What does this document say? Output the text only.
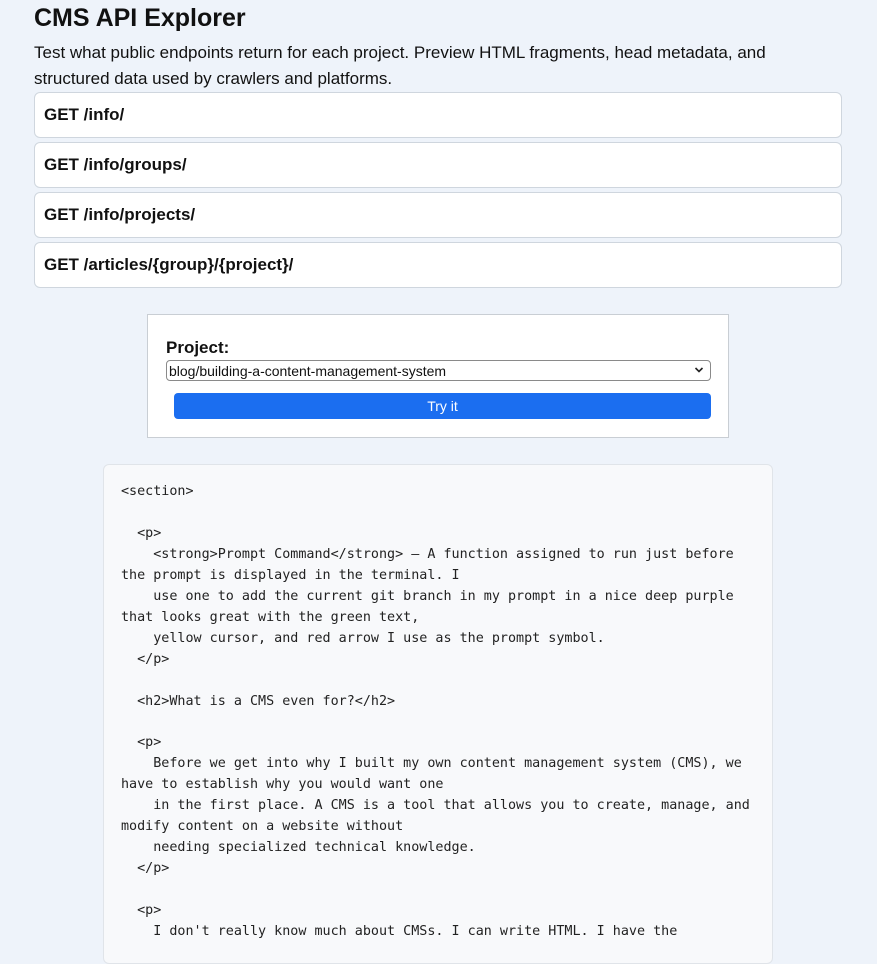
CMS API Explorer

Test what public endpoints return for each project. Preview HTML fragments, head metadata, and structured data used by crawlers and platforms.

GET /info/
GET /info/groups/
GET /info/projects/
GET /articles/{group}/{project}/
Project:
blog/building-a-content-management-system
Try it
<section>

<p>
<strong>Prompt Command</strong> – A function assigned to run just before the prompt is displayed in the terminal. I
use one to add the current git branch in my prompt in a nice deep purple that looks great with the green text,
yellow cursor, and red arrow I use as the prompt symbol.
</p>

<h2>What is a CMS even for?</h2>

<p>
Before we get into why I built my own content management system (CMS), we have to establish why you would want one
in the first place. A CMS is a tool that allows you to create, manage, and modify content on a website without
needing specialized technical knowledge.
</p>

<p>
I don't really know much about CMSs. I can write HTML. I have the
